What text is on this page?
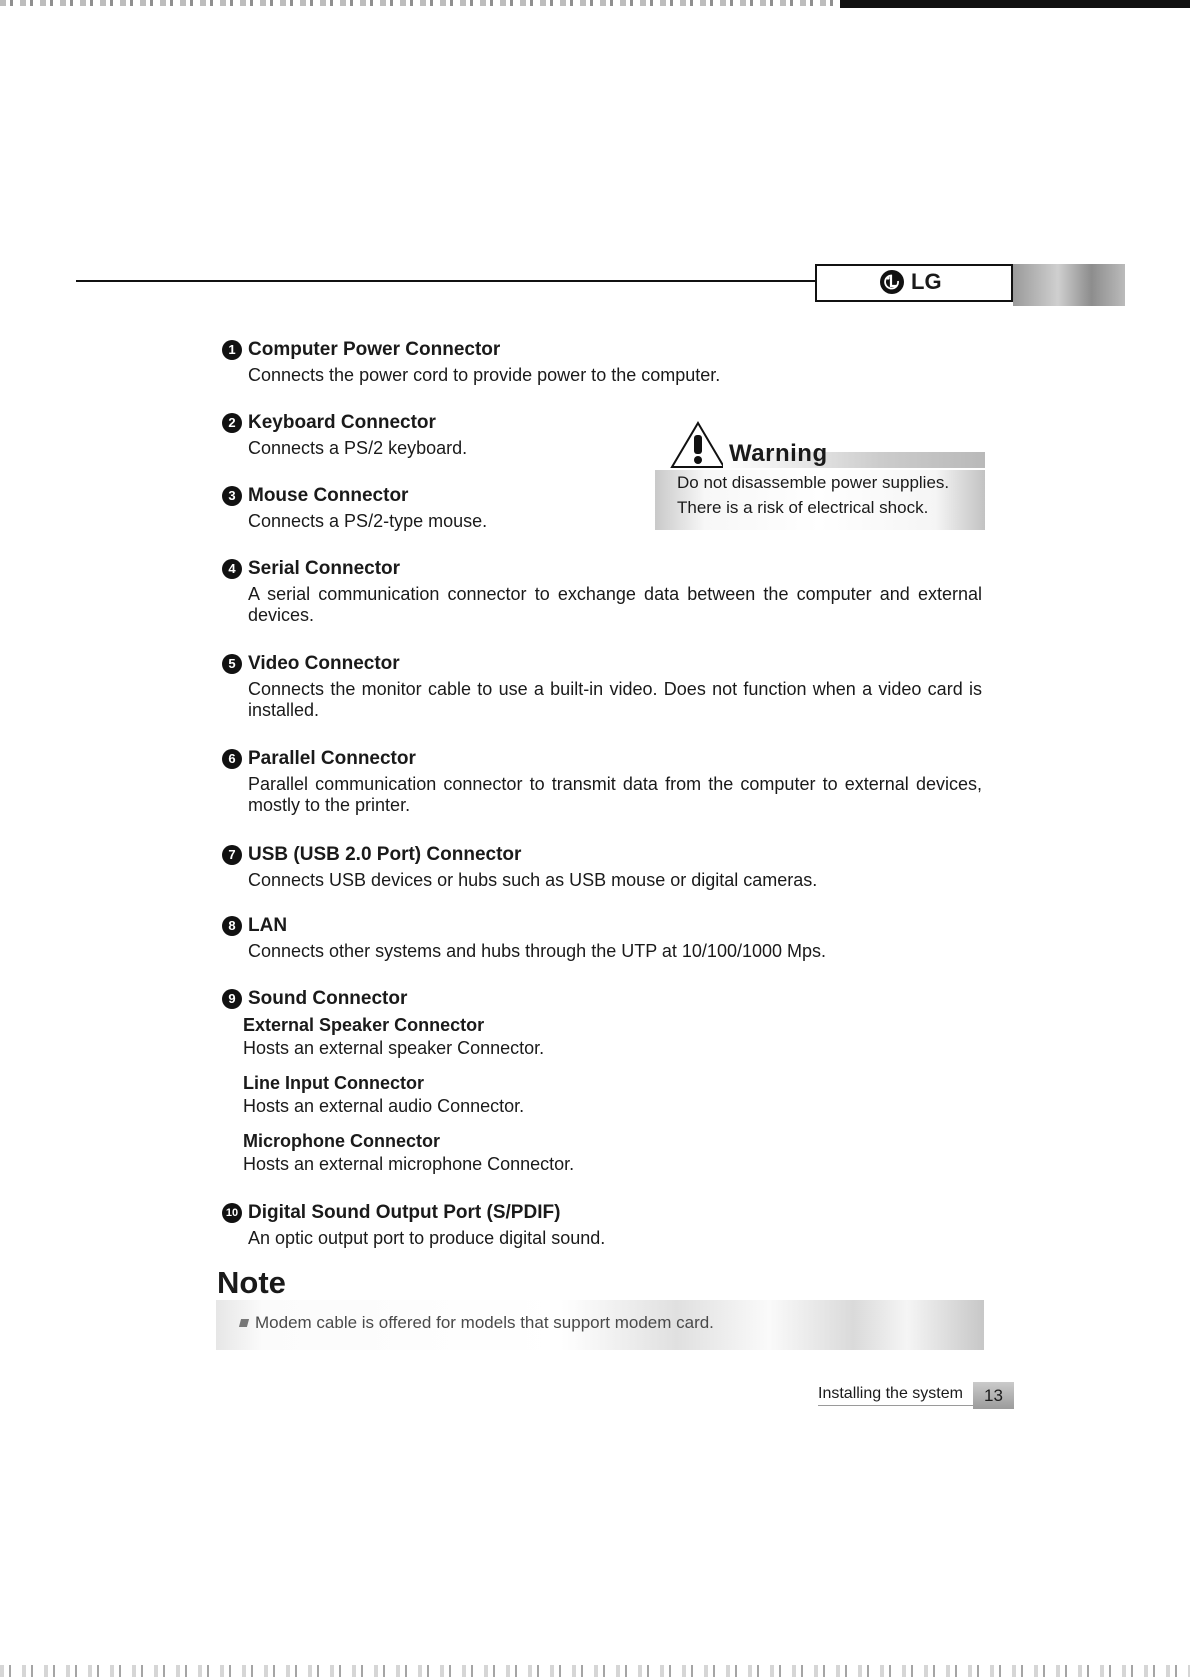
LG
1 Computer Power Connector
Connects the power cord to provide power to the computer.
2 Keyboard Connector
Connects a PS/2 keyboard.
3 Mouse Connector
Connects a PS/2-type mouse.
Warning
Do not disassemble power supplies.
There is a risk of electrical shock.
4 Serial Connector
A serial communication connector to exchange data between the computer and external devices.
5 Video Connector
Connects the monitor cable to use a built-in video. Does not function when a video card is installed.
6 Parallel Connector
Parallel communication connector to transmit data from the computer to external devices, mostly to the printer.
7 USB (USB 2.0 Port) Connector
Connects USB devices or hubs such as USB mouse or digital cameras.
8 LAN
Connects other systems and hubs through the UTP at 10/100/1000 Mps.
9 Sound Connector
External Speaker Connector
Hosts an external speaker Connector.
Line Input Connector
Hosts an external audio Connector.
Microphone Connector
Hosts an external microphone Connector.
10 Digital Sound Output Port (S/PDIF)
An optic output port to produce digital sound.
Note
Modem cable is offered for models that support modem card.
Installing the system	13
